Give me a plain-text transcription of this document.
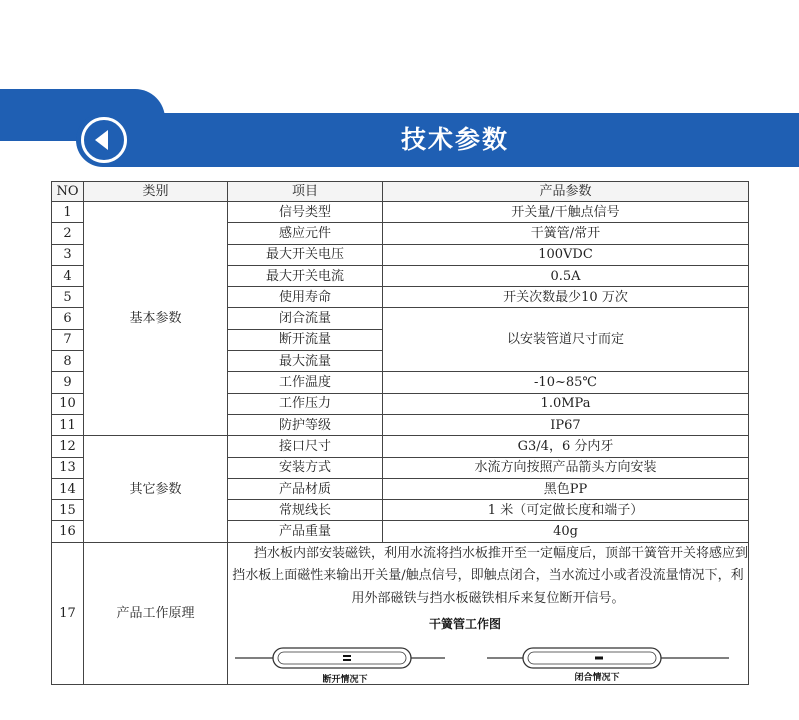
技术参数
NO	类别	项目	产品参数
1	基本参数	信号类型	开关量/干触点信号
2		感应元件	干簧管/常开
3		最大开关电压	100VDC
4		最大开关电流	0.5A
5		使用寿命	开关次数最少10 万次
6		闭合流量	以安装管道尺寸而定
7		断开流量	
8		最大流量	
9		工作温度	-10~85℃
10		工作压力	1.0MPa
11		防护等级	IP67
12	其它参数	接口尺寸	G3/4，6 分内牙
13		安装方式	水流方向按照产品箭头方向安装
14		产品材质	黑色PP
15		常规线长	1 米（可定做长度和端子）
16		产品重量	40g
17	产品工作原理	挡水板内部安装磁铁，利用水流将挡水板推开至一定幅度后，顶部干簧管开关将感应到挡水板上面磁性来输出开关量/触点信号，即触点闭合，当水流过小或者没流量情况下，利用外部磁铁与挡水板磁铁相斥来复位断开信号。

干簧管工作图
断开情况下 闭合情况下	
